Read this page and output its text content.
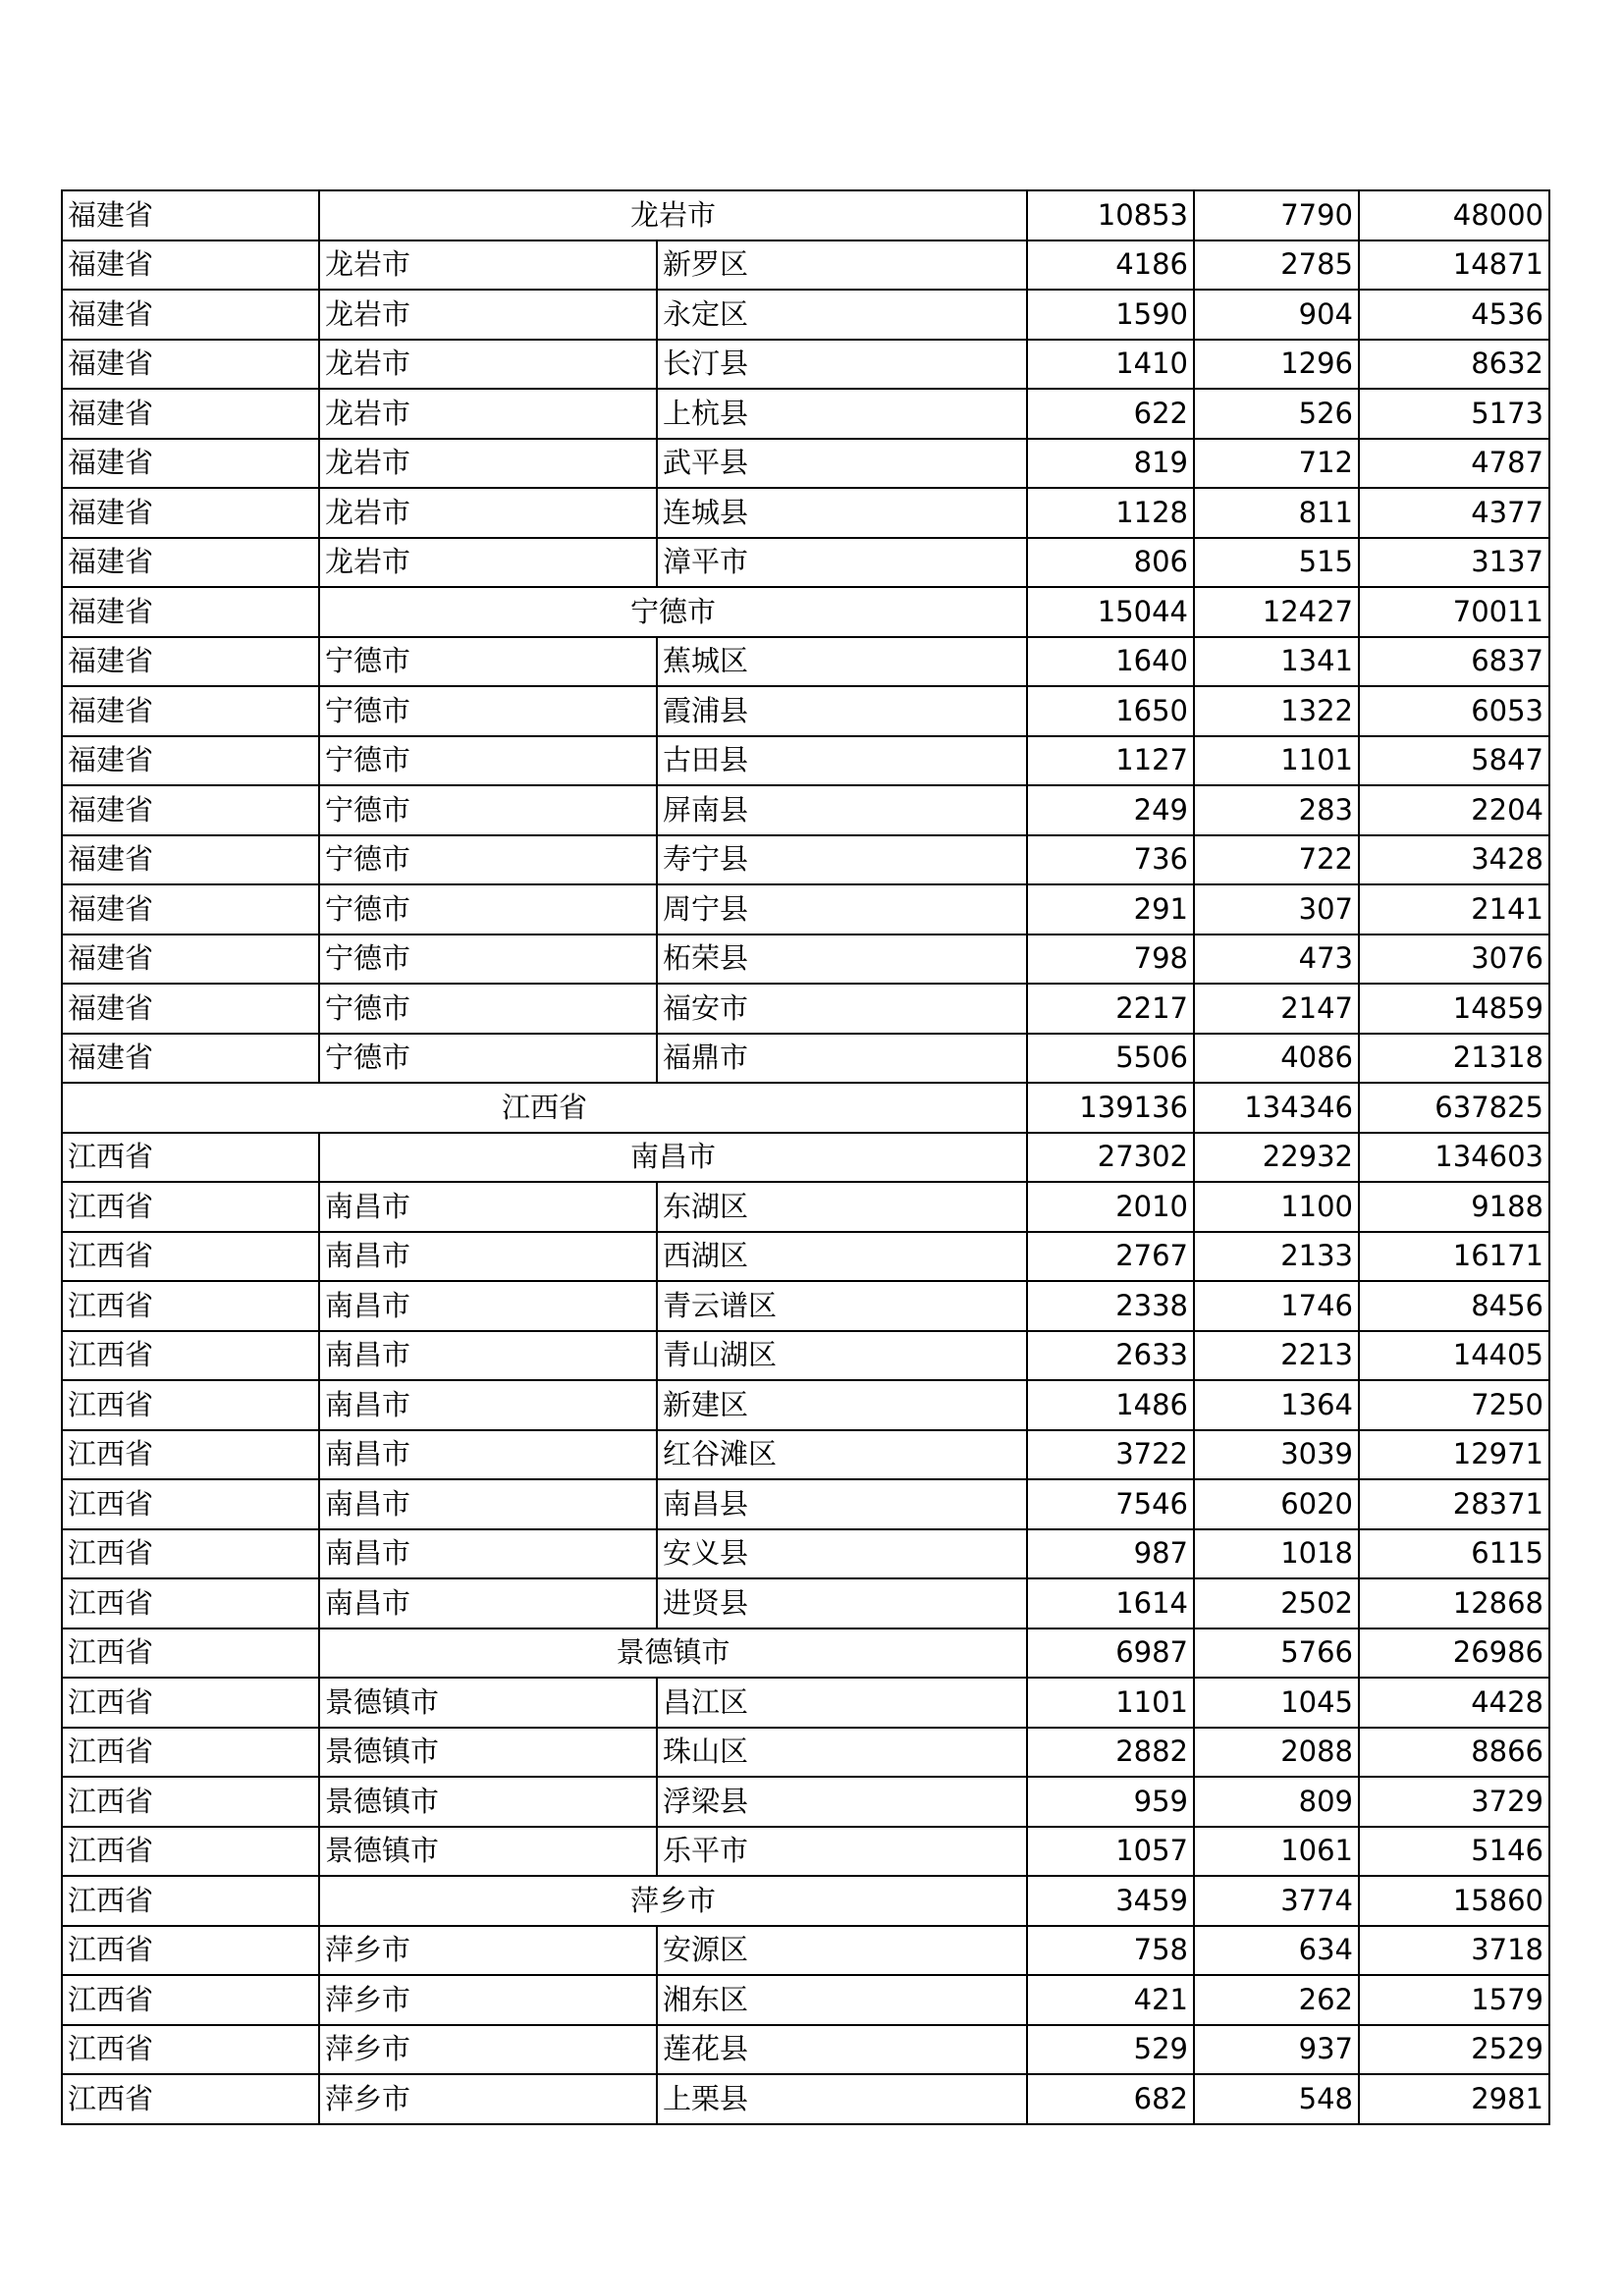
福建省	龙岩市		10853	7790	48000
福建省	龙岩市	新罗区	4186	2785	14871
福建省	龙岩市	永定区	1590	904	4536
福建省	龙岩市	长汀县	1410	1296	8632
福建省	龙岩市	上杭县	622	526	5173
福建省	龙岩市	武平县	819	712	4787
福建省	龙岩市	连城县	1128	811	4377
福建省	龙岩市	漳平市	806	515	3137
福建省	宁德市		15044	12427	70011
福建省	宁德市	蕉城区	1640	1341	6837
福建省	宁德市	霞浦县	1650	1322	6053
福建省	宁德市	古田县	1127	1101	5847
福建省	宁德市	屏南县	249	283	2204
福建省	宁德市	寿宁县	736	722	3428
福建省	宁德市	周宁县	291	307	2141
福建省	宁德市	柘荣县	798	473	3076
福建省	宁德市	福安市	2217	2147	14859
福建省	宁德市	福鼎市	5506	4086	21318
江西省			139136	134346	637825
江西省	南昌市		27302	22932	134603
江西省	南昌市	东湖区	2010	1100	9188
江西省	南昌市	西湖区	2767	2133	16171
江西省	南昌市	青云谱区	2338	1746	8456
江西省	南昌市	青山湖区	2633	2213	14405
江西省	南昌市	新建区	1486	1364	7250
江西省	南昌市	红谷滩区	3722	3039	12971
江西省	南昌市	南昌县	7546	6020	28371
江西省	南昌市	安义县	987	1018	6115
江西省	南昌市	进贤县	1614	2502	12868
江西省	景德镇市		6987	5766	26986
江西省	景德镇市	昌江区	1101	1045	4428
江西省	景德镇市	珠山区	2882	2088	8866
江西省	景德镇市	浮梁县	959	809	3729
江西省	景德镇市	乐平市	1057	1061	5146
江西省	萍乡市		3459	3774	15860
江西省	萍乡市	安源区	758	634	3718
江西省	萍乡市	湘东区	421	262	1579
江西省	萍乡市	莲花县	529	937	2529
江西省	萍乡市	上栗县	682	548	2981
